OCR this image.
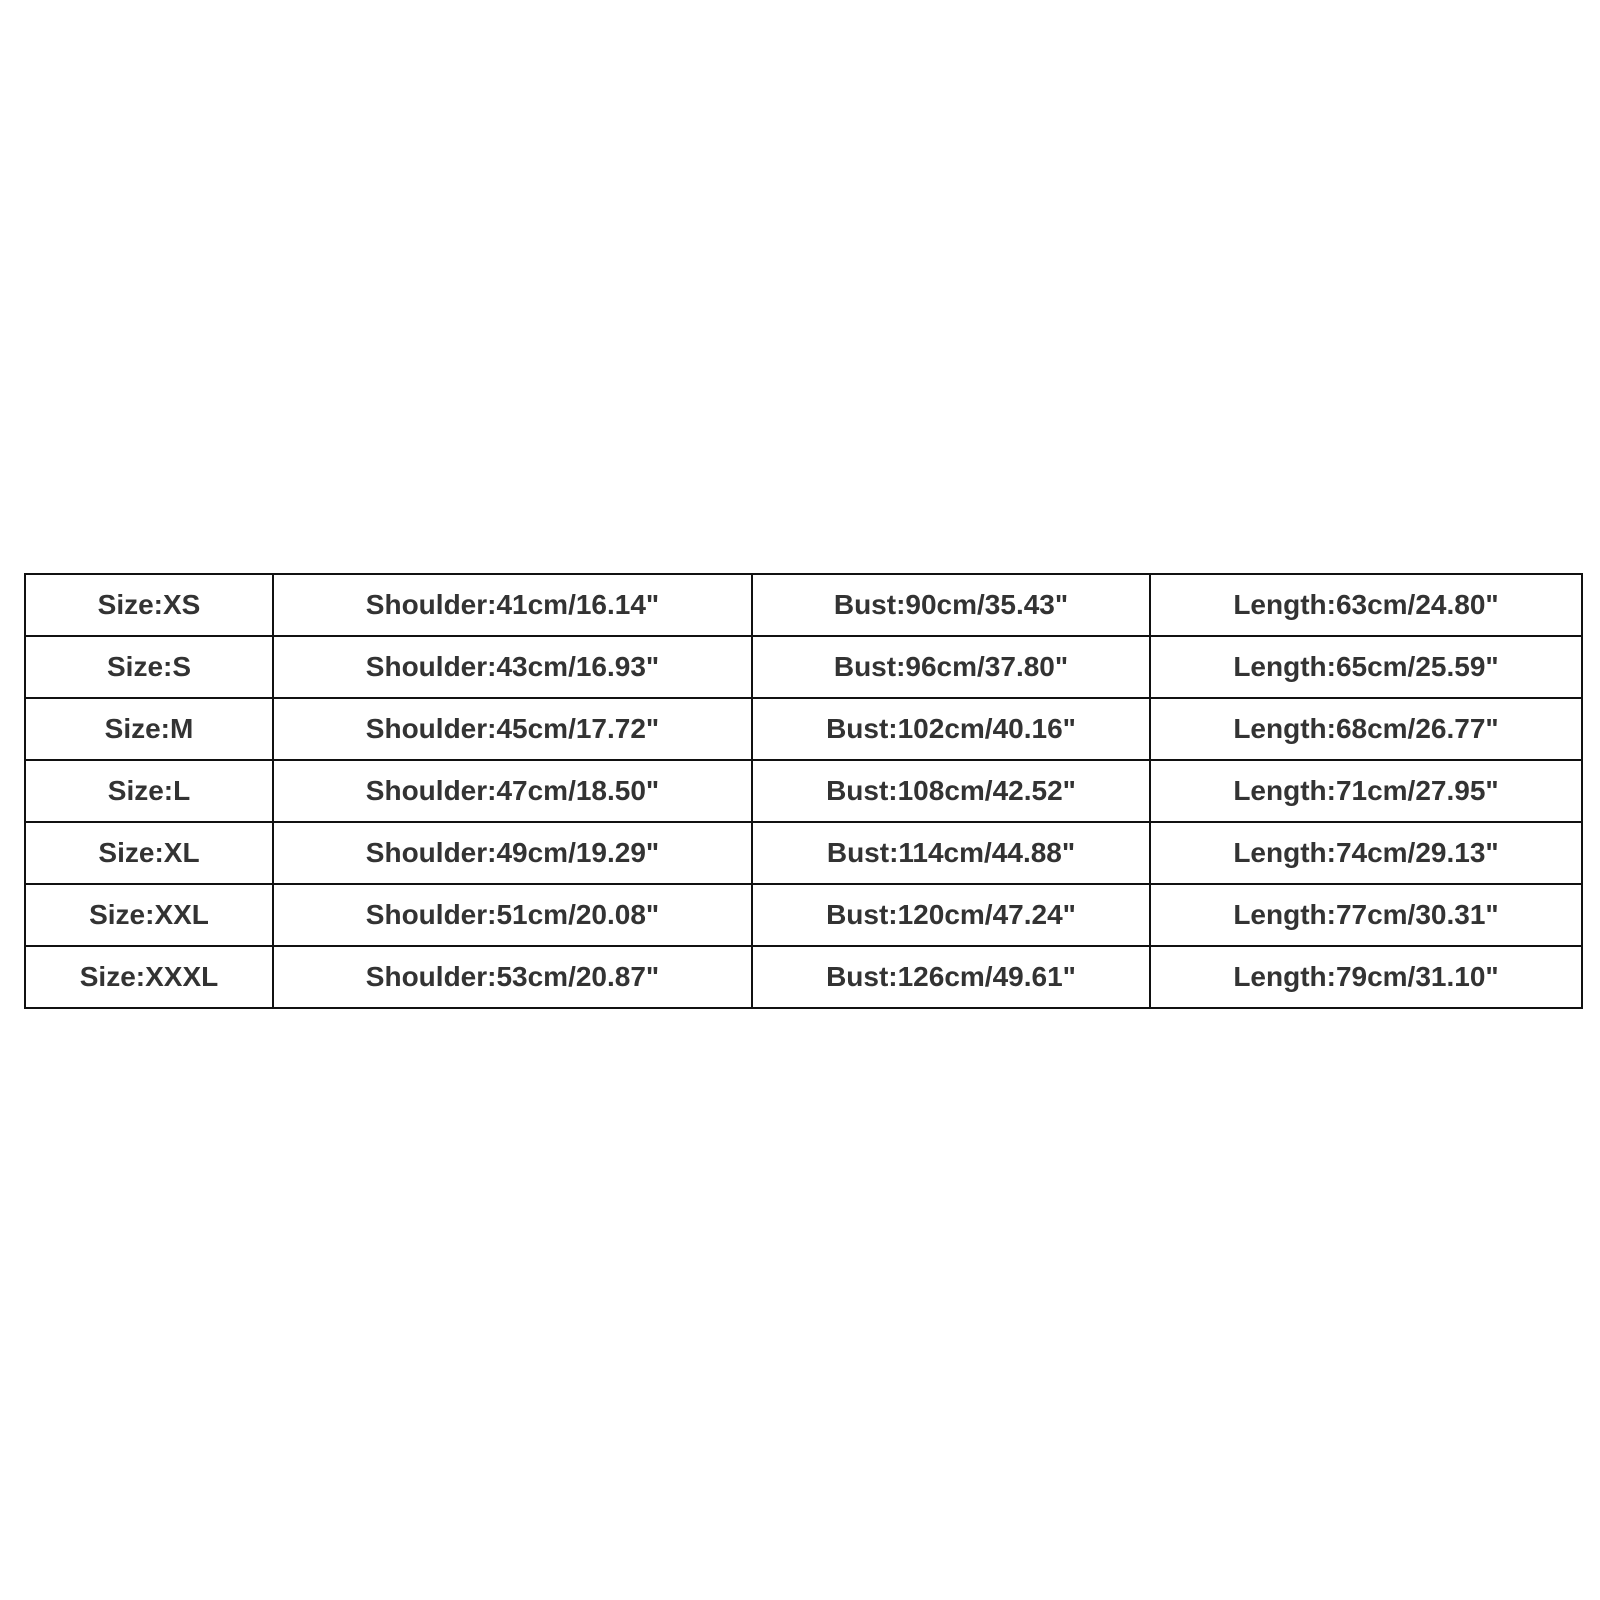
Size:XS	Shoulder:41cm/16.14"	Bust:90cm/35.43"	Length:63cm/24.80"
Size:S	Shoulder:43cm/16.93"	Bust:96cm/37.80"	Length:65cm/25.59"
Size:M	Shoulder:45cm/17.72"	Bust:102cm/40.16"	Length:68cm/26.77"
Size:L	Shoulder:47cm/18.50"	Bust:108cm/42.52"	Length:71cm/27.95"
Size:XL	Shoulder:49cm/19.29"	Bust:114cm/44.88"	Length:74cm/29.13"
Size:XXL	Shoulder:51cm/20.08"	Bust:120cm/47.24"	Length:77cm/30.31"
Size:XXXL	Shoulder:53cm/20.87"	Bust:126cm/49.61"	Length:79cm/31.10"
